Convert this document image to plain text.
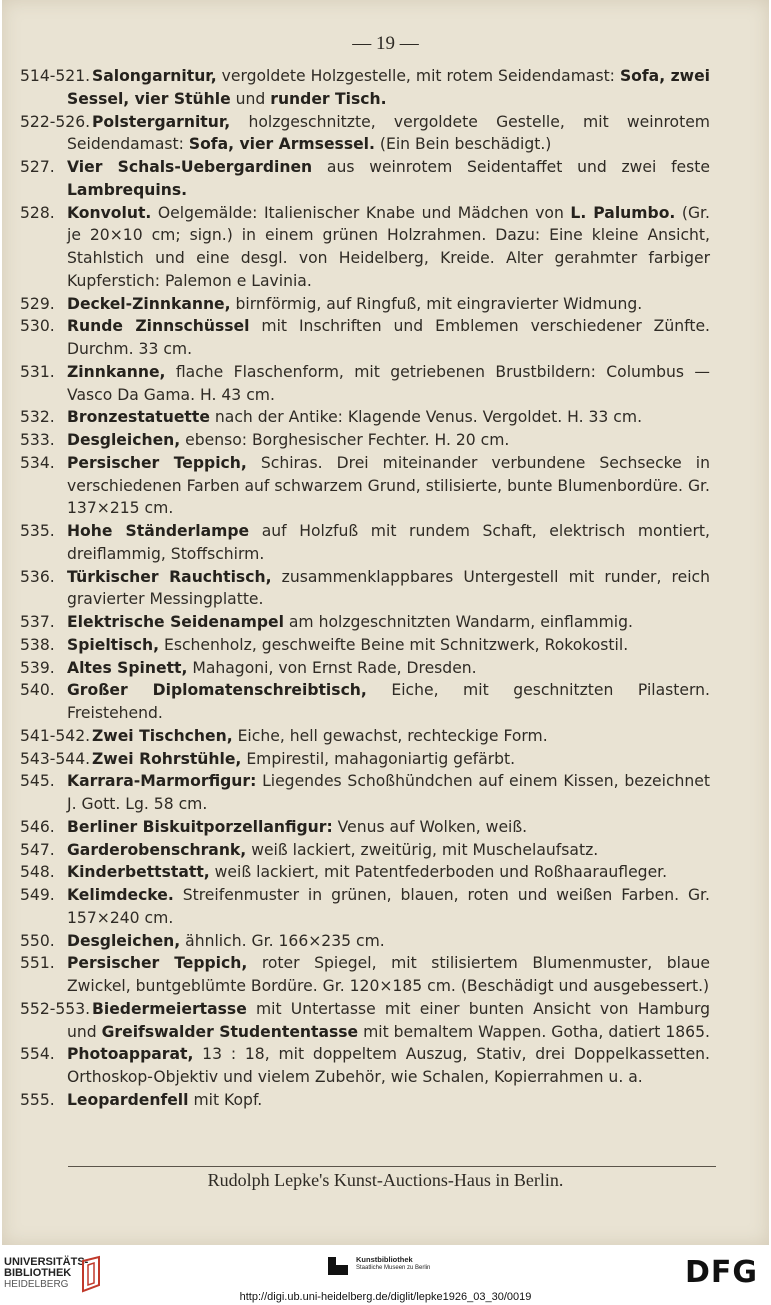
— 19 —
514-521. Salongarnitur, vergoldete Holzgestelle, mit rotem Seidendamast: Sofa, zwei Sessel, vier Stühle und runder Tisch.
522-526. Polstergarnitur, holzgeschnitzte, vergoldete Gestelle, mit weinrotem Seidendamast: Sofa, vier Armsessel. (Ein Bein beschädigt.)
527. Vier Schals-Uebergardinen aus weinrotem Seidentaffet und zwei feste Lambrequins.
528. Konvolut. Oelgemälde: Italienischer Knabe und Mädchen von L. Palumbo. (Gr. je 20×10 cm; sign.) in einem grünen Holzrahmen. Dazu: Eine kleine Ansicht, Stahlstich und eine desgl. von Heidelberg, Kreide. Alter gerahmter farbiger Kupferstich: Palemon e Lavinia.
529. Deckel-Zinnkanne, birnförmig, auf Ringfuß, mit eingravierter Widmung.
530. Runde Zinnschüssel mit Inschriften und Emblemen verschiedener Zünfte. Durchm. 33 cm.
531. Zinnkanne, flache Flaschenform, mit getriebenen Brustbildern: Columbus — Vasco Da Gama. H. 43 cm.
532. Bronzestatuette nach der Antike: Klagende Venus. Vergoldet. H. 33 cm.
533. Desgleichen, ebenso: Borghesischer Fechter. H. 20 cm.
534. Persischer Teppich, Schiras. Drei miteinander verbundene Sechsecke in verschiedenen Farben auf schwarzem Grund, stilisierte, bunte Blumenbordüre. Gr. 137×215 cm.
535. Hohe Ständerlampe auf Holzfuß mit rundem Schaft, elektrisch montiert, dreiflammig, Stoffschirm.
536. Türkischer Rauchtisch, zusammenklappbares Untergestell mit runder, reich gravierter Messingplatte.
537. Elektrische Seidenampel am holzgeschnitzten Wandarm, einflammig.
538. Spieltisch, Eschenholz, geschweifte Beine mit Schnitzwerk, Rokokostil.
539. Altes Spinett, Mahagoni, von Ernst Rade, Dresden.
540. Großer Diplomatenschreibtisch, Eiche, mit geschnitzten Pilastern. Freistehend.
541-542. Zwei Tischchen, Eiche, hell gewachst, rechteckige Form.
543-544. Zwei Rohrstühle, Empirestil, mahagoniartig gefärbt.
545. Karrara-Marmorfigur: Liegendes Schoßhündchen auf einem Kissen, bezeichnet J. Gott. Lg. 58 cm.
546. Berliner Biskuitporzellanfigur: Venus auf Wolken, weiß.
547. Garderobenschrank, weiß lackiert, zweitürig, mit Muschelaufsatz.
548. Kinderbettstatt, weiß lackiert, mit Patentfederboden und Roßhaaraufleger.
549. Kelimdecke. Streifenmuster in grünen, blauen, roten und weißen Farben. Gr. 157×240 cm.
550. Desgleichen, ähnlich. Gr. 166×235 cm.
551. Persischer Teppich, roter Spiegel, mit stilisiertem Blumenmuster, blaue Zwickel, buntgeblümte Bordüre. Gr. 120×185 cm. (Beschädigt und ausgebessert.)
552-553. Biedermeiertasse mit Untertasse mit einer bunten Ansicht von Hamburg und Greifswalder Studententasse mit bemaltem Wappen. Gotha, datiert 1865.
554. Photoapparat, 13 : 18, mit doppeltem Auszug, Stativ, drei Doppelkassetten. Orthoskop-Objektiv und vielem Zubehör, wie Schalen, Kopierrahmen u. a.
555. Leopardenfell mit Kopf.
Rudolph Lepke's Kunst-Auctions-Haus in Berlin.
UNIVERSITÄTS-
BIBLIOTHEK
HEIDELBERG
Kunstbibliothek
Staatliche Museen zu Berlin	DFG
http://digi.ub.uni-heidelberg.de/diglit/lepke1926_03_30/0019
